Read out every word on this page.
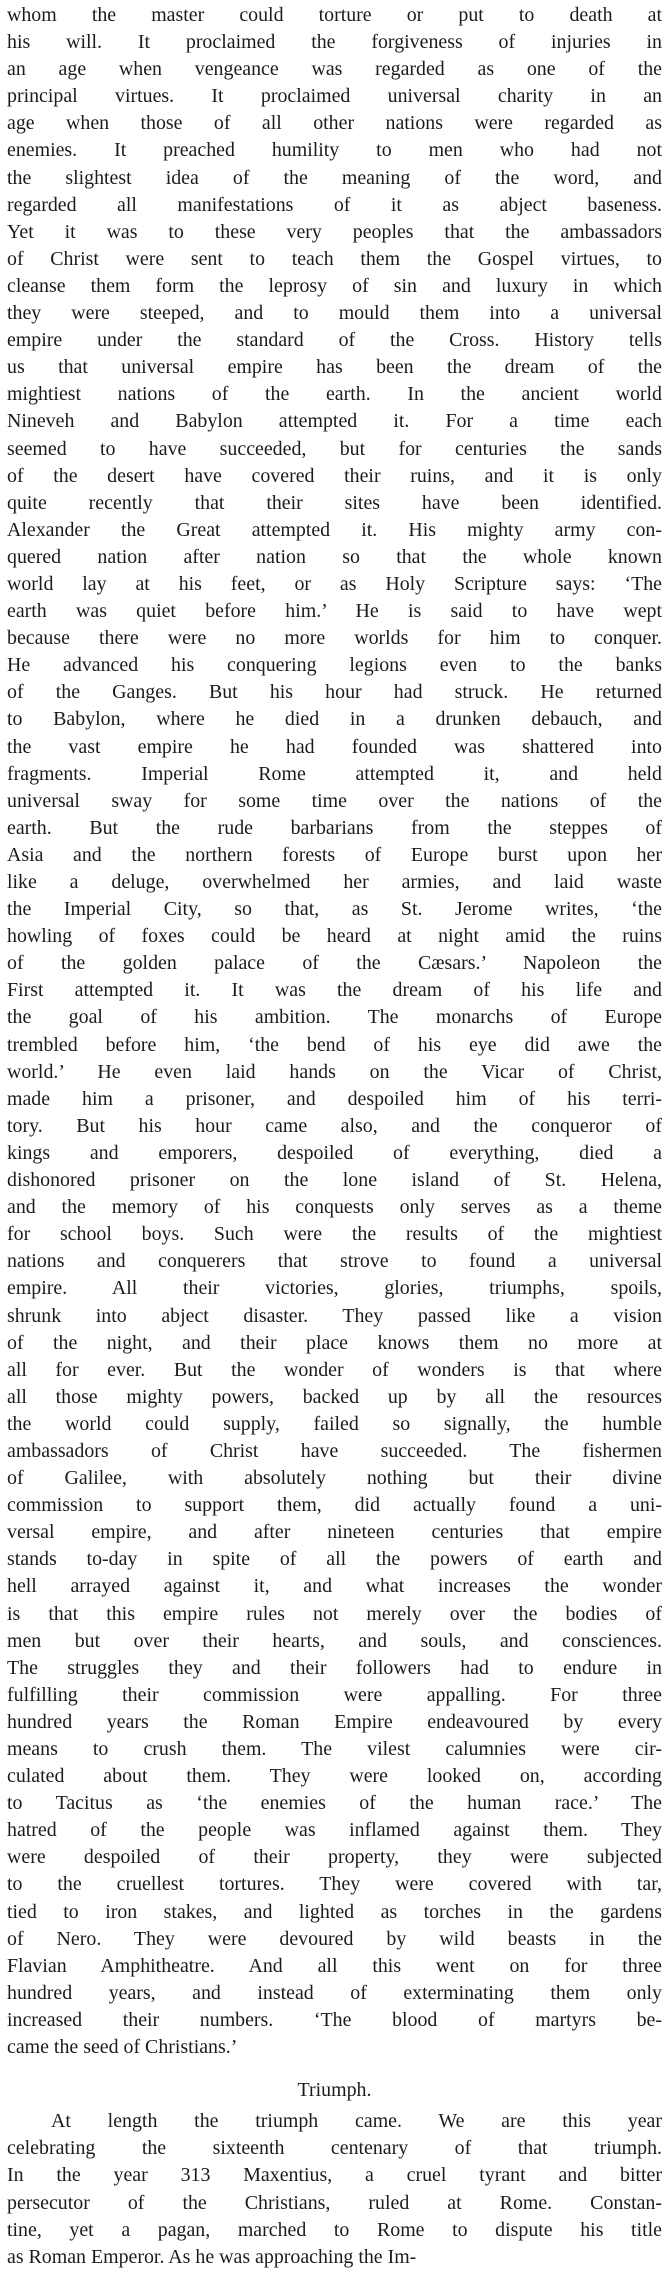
whom the master could torture or put to death at
his will. It proclaimed the forgiveness of injuries in
an age when vengeance was regarded as one of the
principal virtues. It proclaimed universal charity in an
age when those of all other nations were regarded as
enemies. It preached humility to men who had not
the slightest idea of the meaning of the word, and
regarded all manifestations of it as abject baseness.
Yet it was to these very peoples that the ambassadors
of Christ were sent to teach them the Gospel virtues, to
cleanse them form the leprosy of sin and luxury in which
they were steeped, and to mould them into a universal
empire under the standard of the Cross. History tells
us that universal empire has been the dream of the
mightiest nations of the earth. In the ancient world
Nineveh and Babylon attempted it. For a time each
seemed to have succeeded, but for centuries the sands
of the desert have covered their ruins, and it is only
quite recently that their sites have been identified.
Alexander the Great attempted it. His mighty army con-
quered nation after nation so that the whole known
world lay at his feet, or as Holy Scripture says: ‘The
earth was quiet before him.’ He is said to have wept
because there were no more worlds for him to conquer.
He advanced his conquering legions even to the banks
of the Ganges. But his hour had struck. He returned
to Babylon, where he died in a drunken debauch, and
the vast empire he had founded was shattered into
fragments. Imperial Rome attempted it, and held
universal sway for some time over the nations of the
earth. But the rude barbarians from the steppes of
Asia and the northern forests of Europe burst upon her
like a deluge, overwhelmed her armies, and laid waste
the Imperial City, so that, as St. Jerome writes, ‘the
howling of foxes could be heard at night amid the ruins
of the golden palace of the Cæsars.’ Napoleon the
First attempted it. It was the dream of his life and
the goal of his ambition. The monarchs of Europe
trembled before him, ‘the bend of his eye did awe the
world.’ He even laid hands on the Vicar of Christ,
made him a prisoner, and despoiled him of his terri-
tory. But his hour came also, and the conqueror of
kings and emporers, despoiled of everything, died a
dishonored prisoner on the lone island of St. Helena,
and the memory of his conquests only serves as a theme
for school boys. Such were the results of the mightiest
nations and conquerers that strove to found a universal
empire. All their victories, glories, triumphs, spoils,
shrunk into abject disaster. They passed like a vision
of the night, and their place knows them no more at
all for ever. But the wonder of wonders is that where
all those mighty powers, backed up by all the resources
the world could supply, failed so signally, the humble
ambassadors of Christ have succeeded. The fishermen
of Galilee, with absolutely nothing but their divine
commission to support them, did actually found a uni-
versal empire, and after nineteen centuries that empire
stands to-day in spite of all the powers of earth and
hell arrayed against it, and what increases the wonder
is that this empire rules not merely over the bodies of
men but over their hearts, and souls, and consciences.
The struggles they and their followers had to endure in
fulfilling their commission were appalling. For three
hundred years the Roman Empire endeavoured by every
means to crush them. The vilest calumnies were cir-
culated about them. They were looked on, according
to Tacitus as ‘the enemies of the human race.’ The
hatred of the people was inflamed against them. They
were despoiled of their property, they were subjected
to the cruellest tortures. They were covered with tar,
tied to iron stakes, and lighted as torches in the gardens
of Nero. They were devoured by wild beasts in the
Flavian Amphitheatre. And all this went on for three
hundred years, and instead of exterminating them only
increased their numbers. ‘The blood of martyrs be-
came the seed of Christians.’
Triumph.
At length the triumph came. We are this year
celebrating the sixteenth centenary of that triumph.
In the year 313 Maxentius, a cruel tyrant and bitter
persecutor of the Christians, ruled at Rome. Constan-
tine, yet a pagan, marched to Rome to dispute his title
as Roman Emperor. As he was approaching the Im-
